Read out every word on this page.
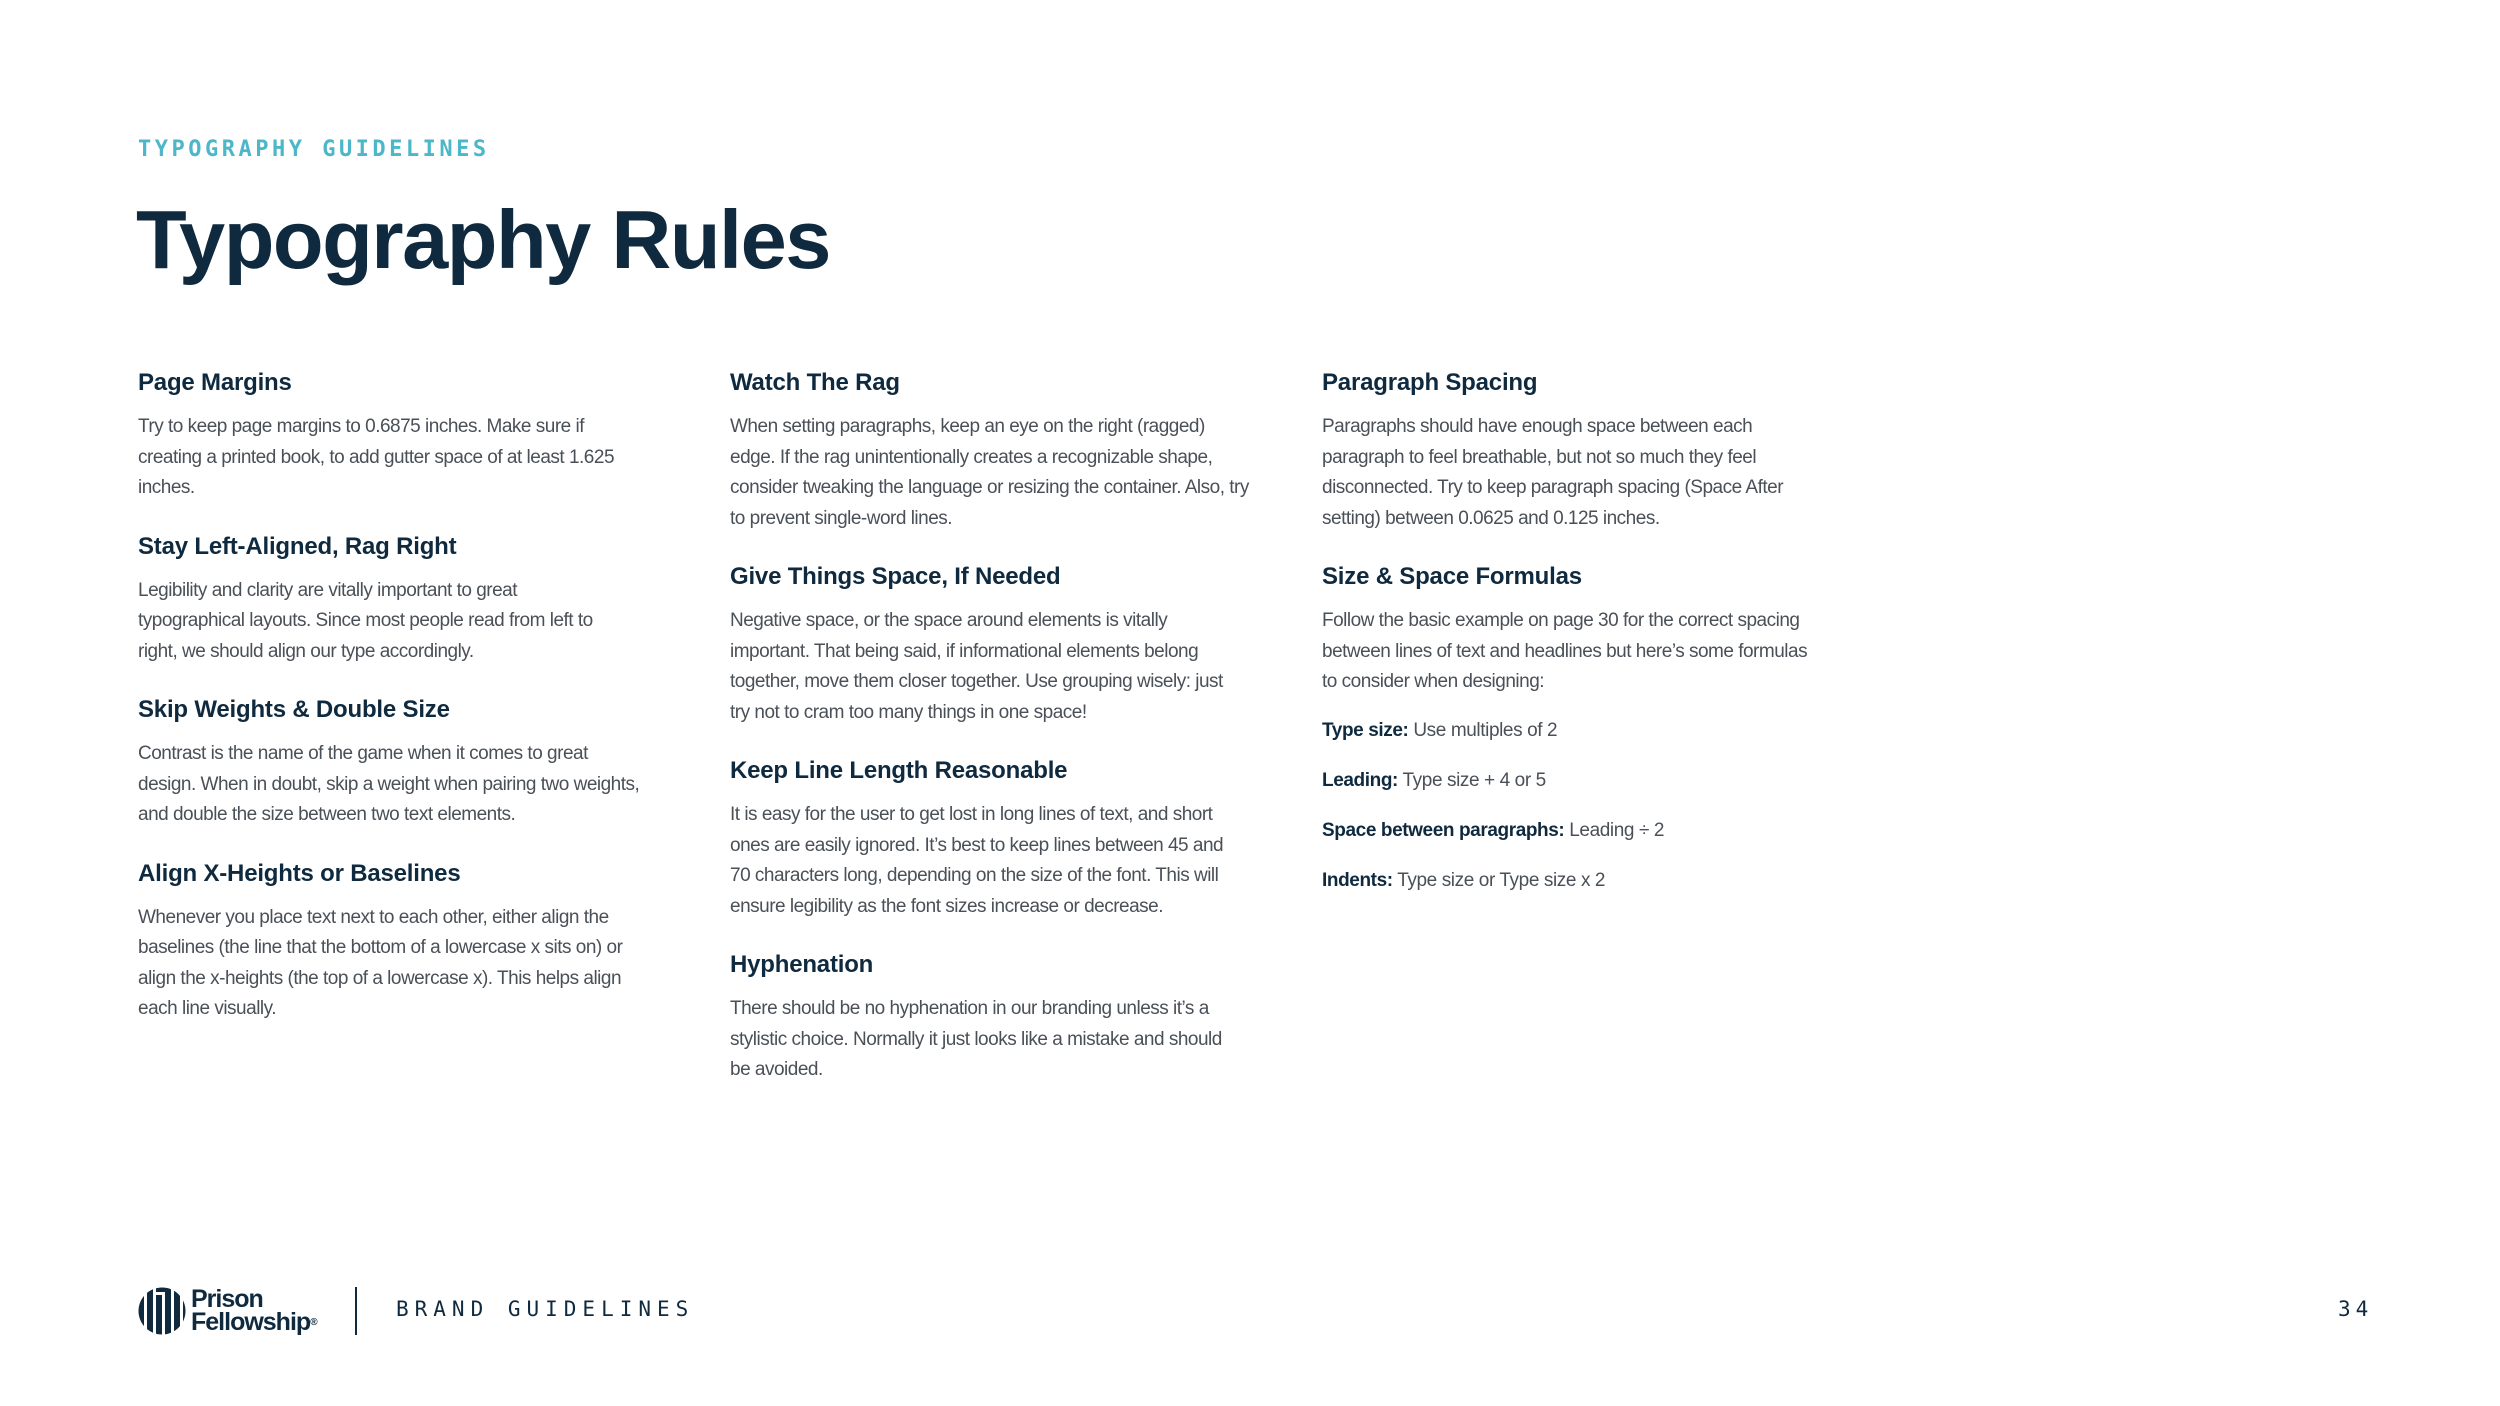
TYPOGRAPHY GUIDELINES
Typography Rules
Page Margins

Try to keep page margins to 0.6875 inches. Make sure if creating a printed book, to add gutter space of at least 1.625 inches.

Stay Left-Aligned, Rag Right

Legibility and clarity are vitally important to great typographical layouts. Since most people read from left to right, we should align our type accordingly.

Skip Weights & Double Size

Contrast is the name of the game when it comes to great design. When in doubt, skip a weight when pairing two weights, and double the size between two text elements.

Align X-Heights or Baselines

Whenever you place text next to each other, either align the baselines (the line that the bottom of a lowercase x sits on) or align the x-heights (the top of a lowercase x). This helps align each line visually.

Watch The Rag

When setting paragraphs, keep an eye on the right (ragged) edge. If the rag unintentionally creates a recognizable shape, consider tweaking the language or resizing the container. Also, try to prevent single-word lines.

Give Things Space, If Needed

Negative space, or the space around elements is vitally important. That being said, if informational elements belong together, move them closer together. Use grouping wisely: just try not to cram too many things in one space!

Keep Line Length Reasonable

It is easy for the user to get lost in long lines of text, and short ones are easily ignored. It’s best to keep lines between 45 and 70 characters long, depending on the size of the font. This will ensure legibility as the font sizes increase or decrease.

Hyphenation

There should be no hyphenation in our branding unless it’s a stylistic choice. Normally it just looks like a mistake and should be avoided.

Paragraph Spacing

Paragraphs should have enough space between each paragraph to feel breathable, but not so much they feel disconnected. Try to keep paragraph spacing (Space After setting) between 0.0625 and 0.125 inches.

Size & Space Formulas

Follow the basic example on page 30 for the correct spacing between lines of text and headlines but here’s some formulas to consider when designing:

Type size: Use multiples of 2
Leading: Type size + 4 or 5
Space between paragraphs: Leading ÷ 2
Indents: Type size or Type size x 2
Prison
Fellowship®
BRAND GUIDELINES	34
